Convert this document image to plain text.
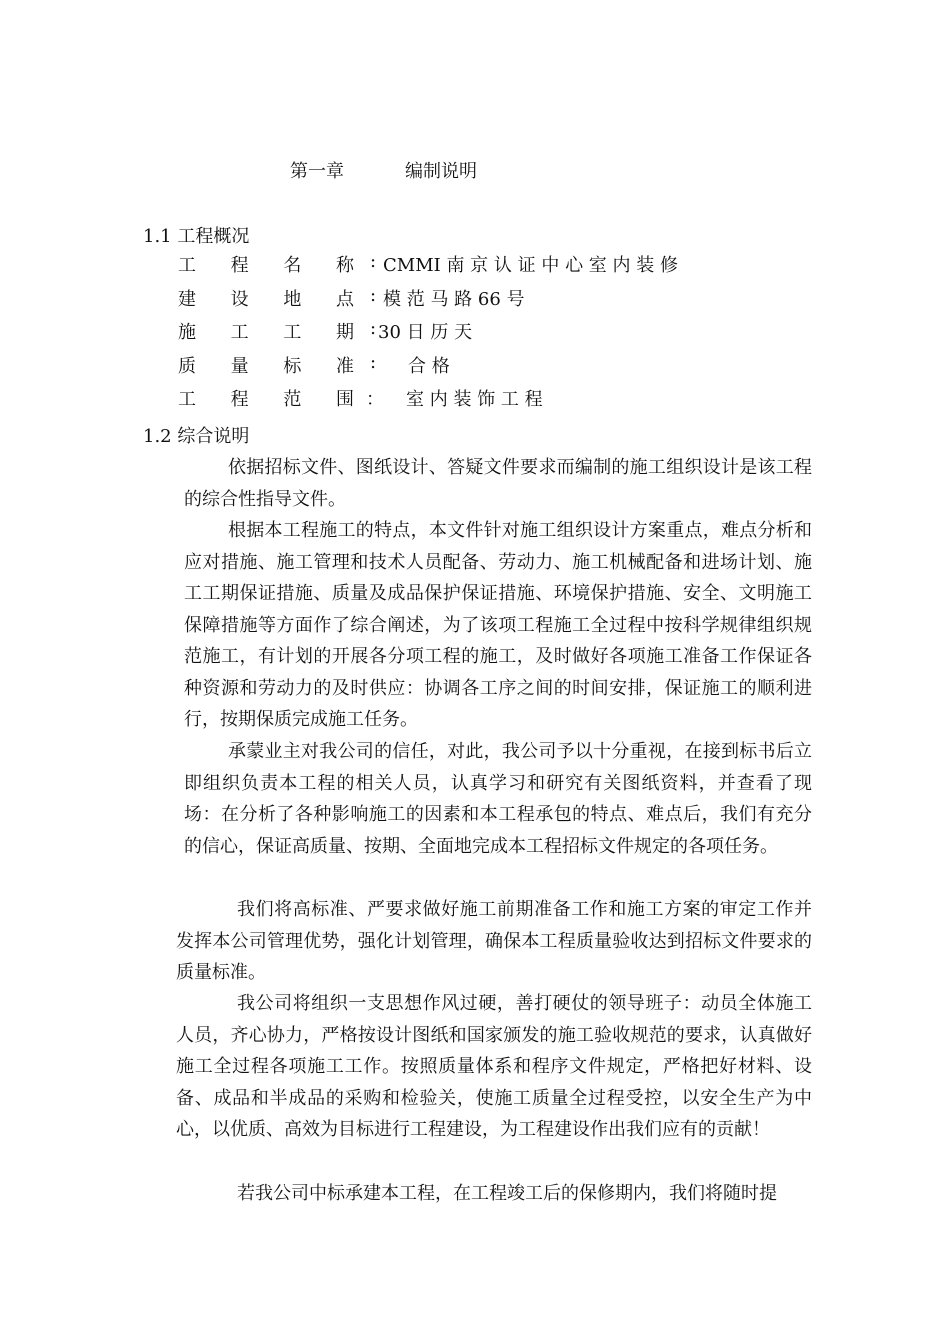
第一章	编制说明
1.1 工程概况
工 程 名 称 : CMMI 南 京 认 证 中 心 室 内 装 修
建 设 地 点 : 模 范 马 路 66 号
施 工 工 期 : 30 日 历 天
质 量 标 准 : 合 格
工 程 范 围 ： 室 内 装 饰 工 程
1.2 综合说明
依据招标文件、图纸设计、答疑文件要求而编制的施工组织设计是该工程的综合性指导文件。
根据本工程施工的特点，本文件针对施工组织设计方案重点，难点分析和应对措施、施工管理和技术人员配备、劳动力、施工机械配备和进场计划、施工工期保证措施、质量及成品保护保证措施、环境保护措施、安全、文明施工保障措施等方面作了综合阐述，为了该项工程施工全过程中按科学规律组织规范施工，有计划的开展各分项工程的施工，及时做好各项施工准备工作保证各种资源和劳动力的及时供应：协调各工序之间的时间安排，保证施工的顺利进行，按期保质完成施工任务。
承蒙业主对我公司的信任，对此，我公司予以十分重视，在接到标书后立即组织负责本工程的相关人员，认真学习和研究有关图纸资料，并查看了现场：在分析了各种影响施工的因素和本工程承包的特点、难点后，我们有充分的信心，保证高质量、按期、全面地完成本工程招标文件规定的各项任务。
我们将高标准、严要求做好施工前期准备工作和施工方案的审定工作并发挥本公司管理优势，强化计划管理，确保本工程质量验收达到招标文件要求的质量标准。
我公司将组织一支思想作风过硬，善打硬仗的领导班子：动员全体施工人员，齐心协力，严格按设计图纸和国家颁发的施工验收规范的要求，认真做好施工全过程各项施工工作。按照质量体系和程序文件规定，严格把好材料、设备、成品和半成品的采购和检验关，使施工质量全过程受控，以安全生产为中心，以优质、高效为目标进行工程建设，为工程建设作出我们应有的贡献！
若我公司中标承建本工程，在工程竣工后的保修期内，我们将随时提
